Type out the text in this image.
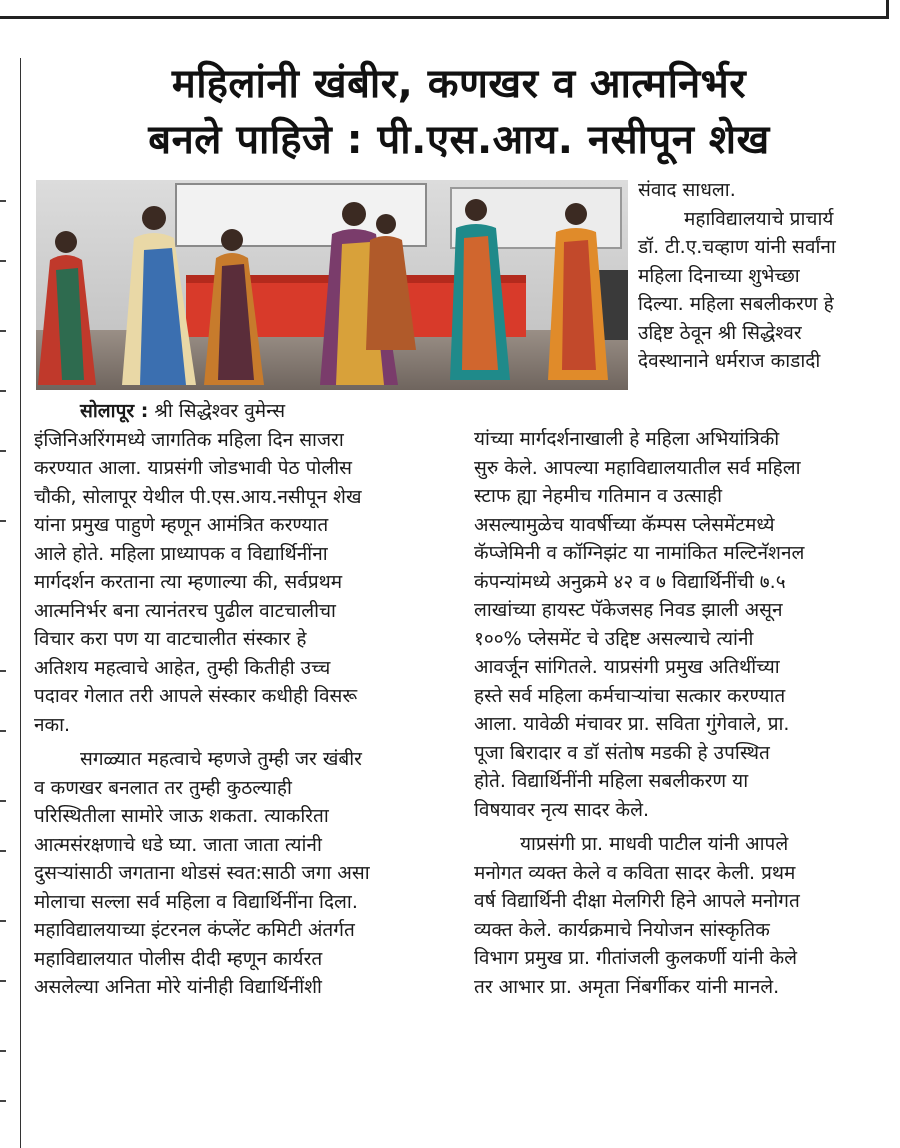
महिलांनी खंबीर, कणखर व आत्मनिर्भर
बनले पाहिजे : पी.एस.आय. नसीपून शेख
संवाद साधला.
महाविद्यालयाचे प्राचार्य
डॉ. टी.ए.चव्हाण यांनी सर्वांना
महिला दिनाच्या शुभेच्छा
दिल्या. महिला सबलीकरण हे
उद्दिष्ट ठेवून श्री सिद्धेश्वर
देवस्थानाने धर्मराज काडादी
सोलापूर : श्री सिद्धेश्वर वुमेन्स
इंजिनिअरिंगमध्ये जागतिक महिला दिन साजरा
करण्यात आला. याप्रसंगी जोडभावी पेठ पोलीस
चौकी, सोलापूर येथील पी.एस.आय.नसीपून शेख
यांना प्रमुख पाहुणे म्हणून आमंत्रित करण्यात
आले होते. महिला प्राध्यापक व विद्यार्थिनींना
मार्गदर्शन करताना त्या म्हणाल्या की, सर्वप्रथम
आत्मनिर्भर बना त्यानंतरच पुढील वाटचालीचा
विचार करा पण या वाटचालीत संस्कार हे
अतिशय महत्वाचे आहेत, तुम्ही कितीही उच्च
पदावर गेलात तरी आपले संस्कार कधीही विसरू
नका.
सगळ्यात महत्वाचे म्हणजे तुम्ही जर खंबीर
व कणखर बनलात तर तुम्ही कुठल्याही
परिस्थितीला सामोरे जाऊ शकता. त्याकरिता
आत्मसंरक्षणाचे धडे घ्या. जाता जाता त्यांनी
दुसऱ्यांसाठी जगताना थोडसं स्वत:साठी जगा असा
मोलाचा सल्ला सर्व महिला व विद्यार्थिनींना दिला.
महाविद्यालयाच्या इंटरनल कंप्लेंट कमिटी अंतर्गत
महाविद्यालयात पोलीस दीदी म्हणून कार्यरत
असलेल्या अनिता मोरे यांनीही विद्यार्थिनींशी
यांच्या मार्गदर्शनाखाली हे महिला अभियांत्रिकी
सुरु केले. आपल्या महाविद्यालयातील सर्व महिला
स्टाफ ह्या नेहमीच गतिमान व उत्साही
असल्यामुळेच यावर्षीच्या कॅम्पस प्लेसमेंटमध्ये
कॅप्जेमिनी व कॉग्निझंट या नामांकित मल्टिनॅशनल
कंपन्यांमध्ये अनुक्रमे ४२ व ७ विद्यार्थिनींची ७.५
लाखांच्या हायस्ट पॅकेजसह निवड झाली असून
१००% प्लेसमेंट चे उद्दिष्ट असल्याचे त्यांनी
आवर्जून सांगितले. याप्रसंगी प्रमुख अतिथींच्या
हस्ते सर्व महिला कर्मचाऱ्यांचा सत्कार करण्यात
आला. यावेळी मंचावर प्रा. सविता गुंगेवाले, प्रा.
पूजा बिरादार व डॉ संतोष मडकी हे उपस्थित
होते. विद्यार्थिनींनी महिला सबलीकरण या
विषयावर नृत्य सादर केले.
याप्रसंगी प्रा. माधवी पाटील यांनी आपले
मनोगत व्यक्त केले व कविता सादर केली. प्रथम
वर्ष विद्यार्थिनी दीक्षा मेलगिरी हिने आपले मनोगत
व्यक्त केले. कार्यक्रमाचे नियोजन सांस्कृतिक
विभाग प्रमुख प्रा. गीतांजली कुलकर्णी यांनी केले
तर आभार प्रा. अमृता निंबर्गीकर यांनी मानले.
